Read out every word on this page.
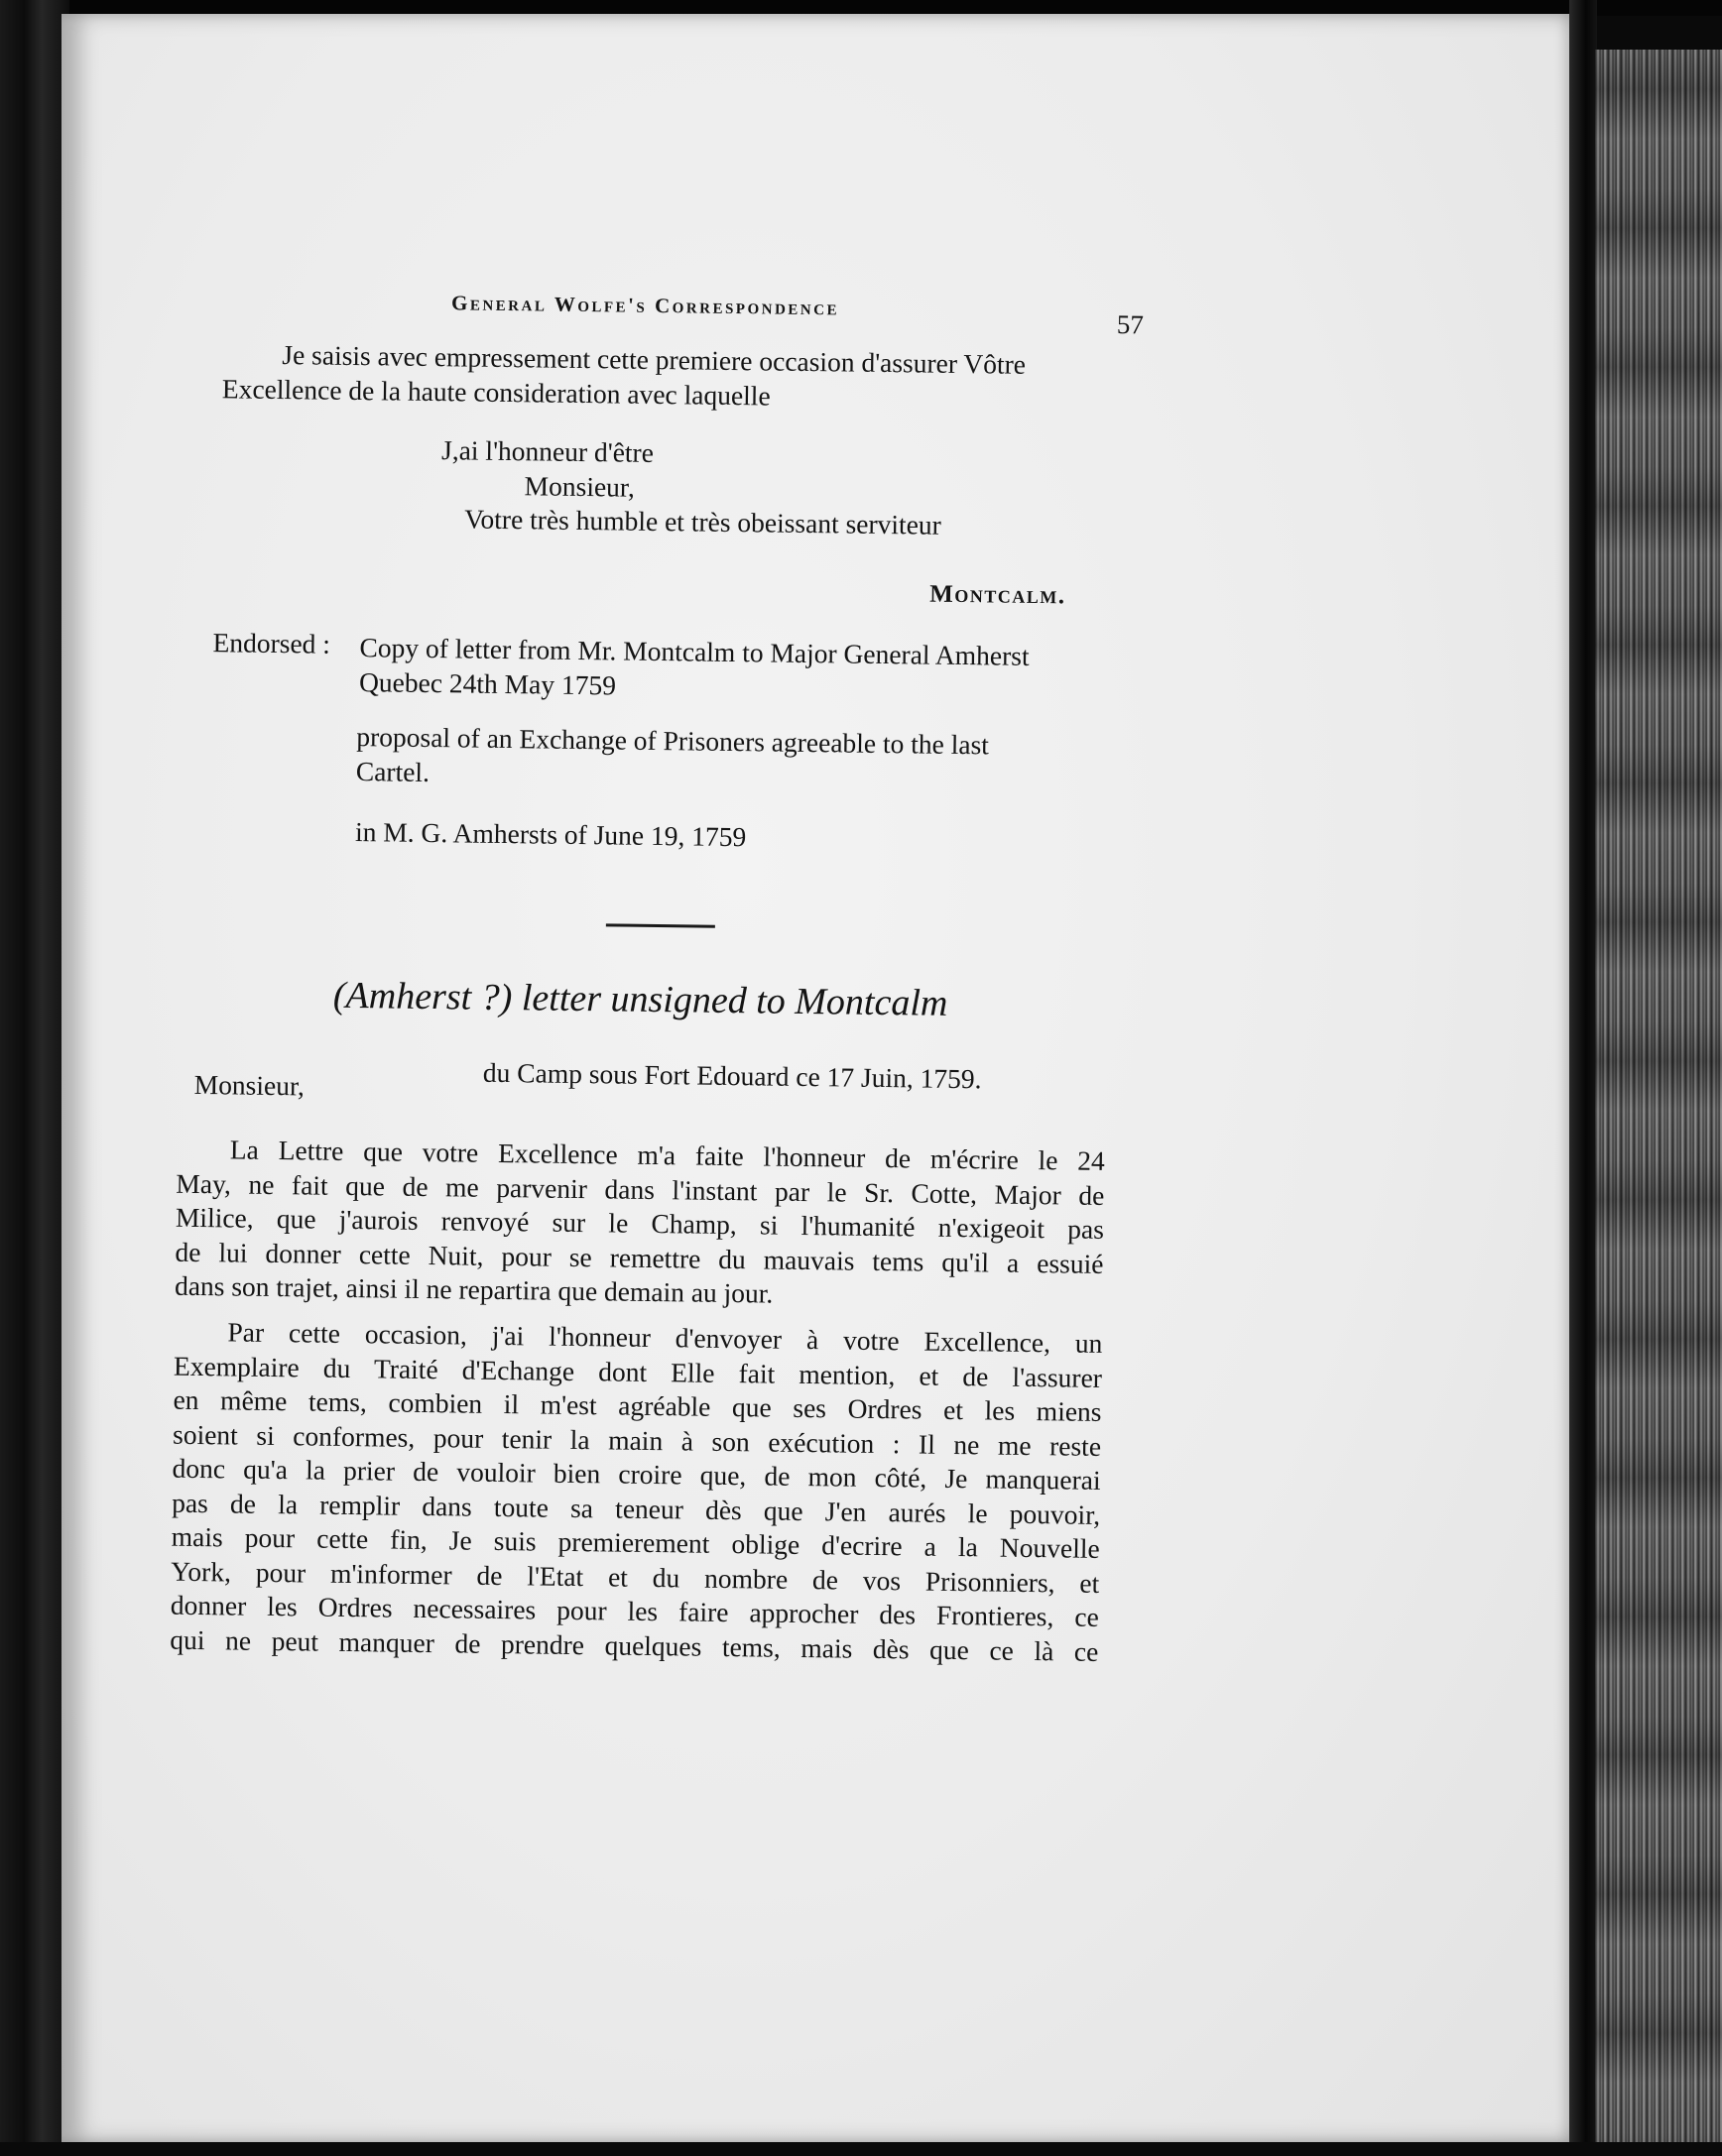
General Wolfe's Correspondence
57
Je saisis avec empressement cette premiere occasion d'assurer Vôtre
Excellence de la haute consideration avec laquelle
J,ai l'honneur d'être
Monsieur,
Votre très humble et très obeissant serviteur
Montcalm.
Endorsed : Copy of letter from Mr. Montcalm to Major General Amherst
Quebec 24th May 1759
proposal of an Exchange of Prisoners agreeable to the last
Cartel.
in M. G. Amhersts of June 19, 1759
(Amherst ?) letter unsigned to Montcalm
Monsieur,	du Camp sous Fort Edouard ce 17 Juin, 1759.
La Lettre que votre Excellence m'a faite l'honneur de m'écrire le 24
May, ne fait que de me parvenir dans l'instant par le Sr. Cotte, Major de
Milice, que j'aurois renvoyé sur le Champ, si l'humanité n'exigeoit pas
de lui donner cette Nuit, pour se remettre du mauvais tems qu'il a essuié
dans son trajet, ainsi il ne repartira que demain au jour.
Par cette occasion, j'ai l'honneur d'envoyer à votre Excellence, un
Exemplaire du Traité d'Echange dont Elle fait mention, et de l'assurer
en même tems, combien il m'est agréable que ses Ordres et les miens
soient si conformes, pour tenir la main à son exécution : Il ne me reste
donc qu'a la prier de vouloir bien croire que, de mon côté, Je manquerai
pas de la remplir dans toute sa teneur dès que J'en aurés le pouvoir,
mais pour cette fin, Je suis premierement oblige d'ecrire a la Nouvelle
York, pour m'informer de l'Etat et du nombre de vos Prisonniers, et
donner les Ordres necessaires pour les faire approcher des Frontieres, ce
qui ne peut manquer de prendre quelques tems, mais dès que ce là ce
